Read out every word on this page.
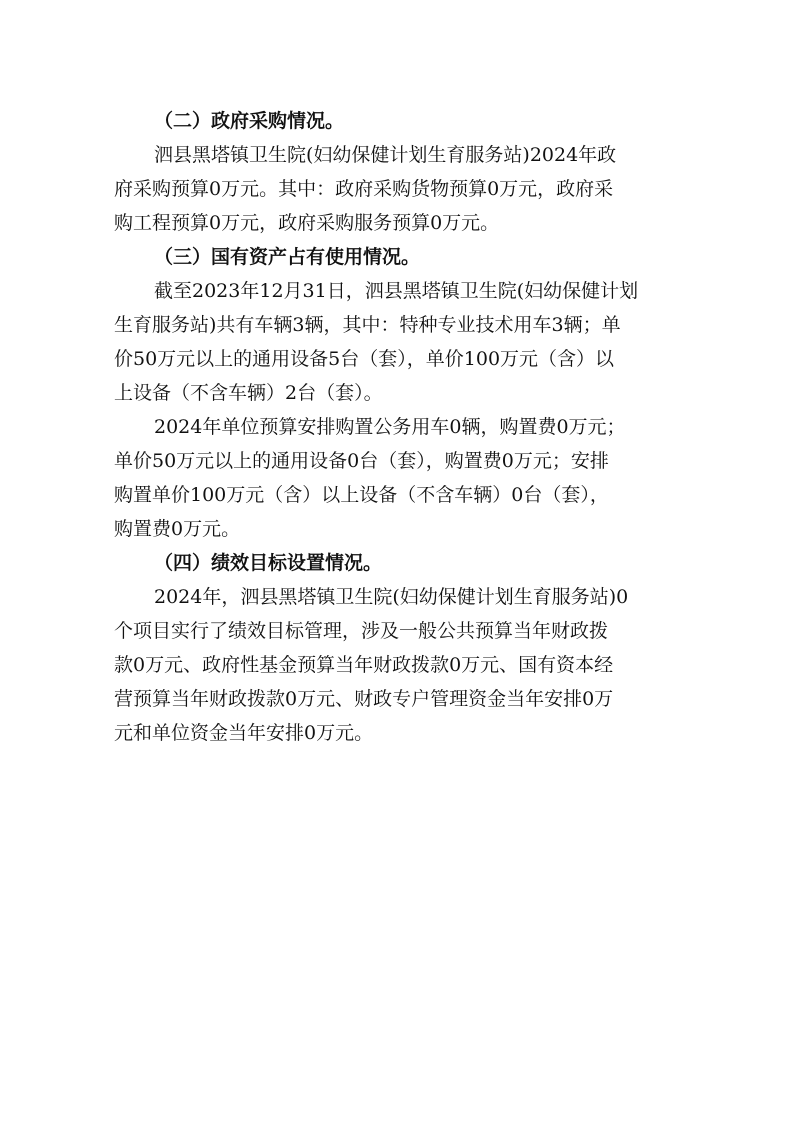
（二）政府采购情况。
泗县黑塔镇卫生院(妇幼保健计划生育服务站)2024年政
府采购预算0万元。其中：政府采购货物预算0万元，政府采
购工程预算0万元，政府采购服务预算0万元。
（三）国有资产占有使用情况。
截至2023年12月31日，泗县黑塔镇卫生院(妇幼保健计划
生育服务站)共有车辆3辆，其中：特种专业技术用车3辆；单
价50万元以上的通用设备5台（套），单价100万元（含）以
上设备（不含车辆）2台（套）。
2024年单位预算安排购置公务用车0辆，购置费0万元；
单价50万元以上的通用设备0台（套），购置费0万元；安排
购置单价100万元（含）以上设备（不含车辆）0台（套），
购置费0万元。
（四）绩效目标设置情况。
2024年，泗县黑塔镇卫生院(妇幼保健计划生育服务站)0
个项目实行了绩效目标管理，涉及一般公共预算当年财政拨
款0万元、政府性基金预算当年财政拨款0万元、国有资本经
营预算当年财政拨款0万元、财政专户管理资金当年安排0万
元和单位资金当年安排0万元。
